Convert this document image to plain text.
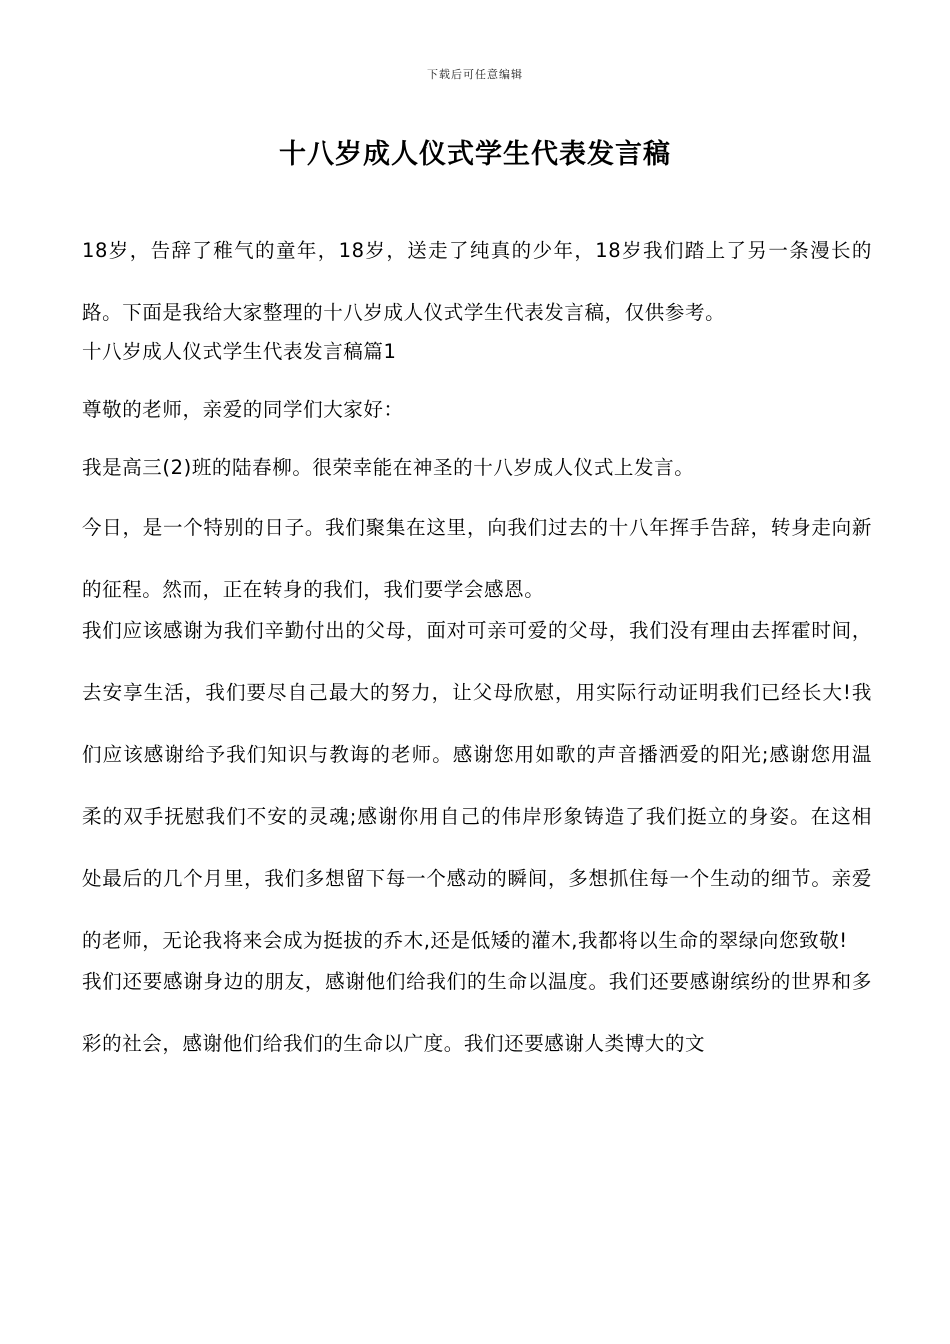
下载后可任意编辑
十八岁成人仪式学生代表发言稿

18岁，告辞了稚气的童年，18岁，送走了纯真的少年，18岁我们踏上了另一条漫长的路。下面是我给大家整理的十八岁成人仪式学生代表发言稿，仅供参考。

十八岁成人仪式学生代表发言稿篇1

尊敬的老师，亲爱的同学们大家好：

我是高三(2)班的陆春柳。很荣幸能在神圣的十八岁成人仪式上发言。

今日，是一个特别的日子。我们聚集在这里，向我们过去的十八年挥手告辞，转身走向新的征程。然而，正在转身的我们，我们要学会感恩。

我们应该感谢为我们辛勤付出的父母，面对可亲可爱的父母，我们没有理由去挥霍时间，去安享生活，我们要尽自己最大的努力，让父母欣慰，用实际行动证明我们已经长大!我们应该感谢给予我们知识与教诲的老师。感谢您用如歌的声音播洒爱的阳光;感谢您用温柔的双手抚慰我们不安的灵魂;感谢你用自己的伟岸形象铸造了我们挺立的身姿。在这相处最后的几个月里，我们多想留下每一个感动的瞬间，多想抓住每一个生动的细节。亲爱的老师，无论我将来会成为挺拔的乔木,还是低矮的灌木,我都将以生命的翠绿向您致敬!

我们还要感谢身边的朋友，感谢他们给我们的生命以温度。我们还要感谢缤纷的世界和多彩的社会，感谢他们给我们的生命以广度。我们还要感谢人类博大的文
